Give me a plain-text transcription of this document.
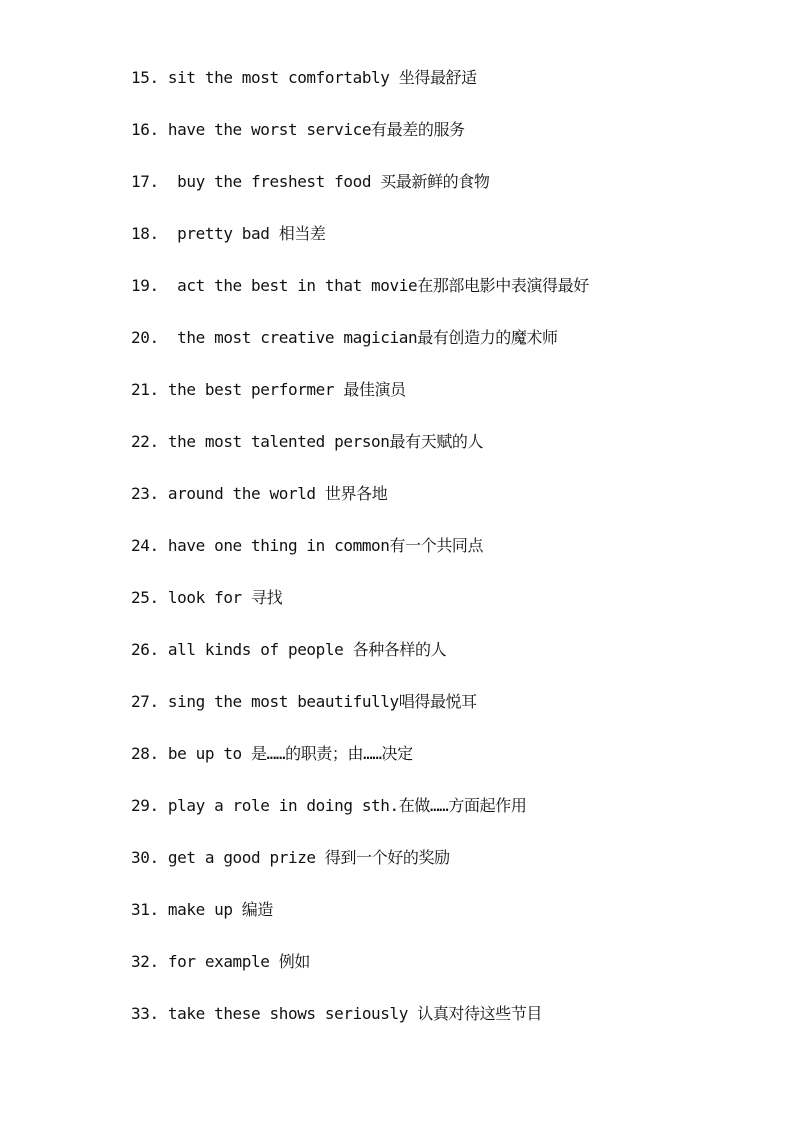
15. sit the most comfortably 坐得最舒适
16. have the worst service有最差的服务
17.  buy the freshest food 买最新鲜的食物
18.  pretty bad 相当差
19.  act the best in that movie在那部电影中表演得最好
20.  the most creative magician最有创造力的魔术师
21. the best performer 最佳演员
22. the most talented person最有天赋的人
23. around the world 世界各地
24. have one thing in common有一个共同点
25. look for 寻找
26. all kinds of people 各种各样的人
27. sing the most beautifully唱得最悦耳
28. be up to 是……的职责；由……决定
29. play a role in doing sth.在做……方面起作用
30. get a good prize 得到一个好的奖励
31. make up 编造
32. for example 例如
33. take these shows seriously 认真对待这些节目
